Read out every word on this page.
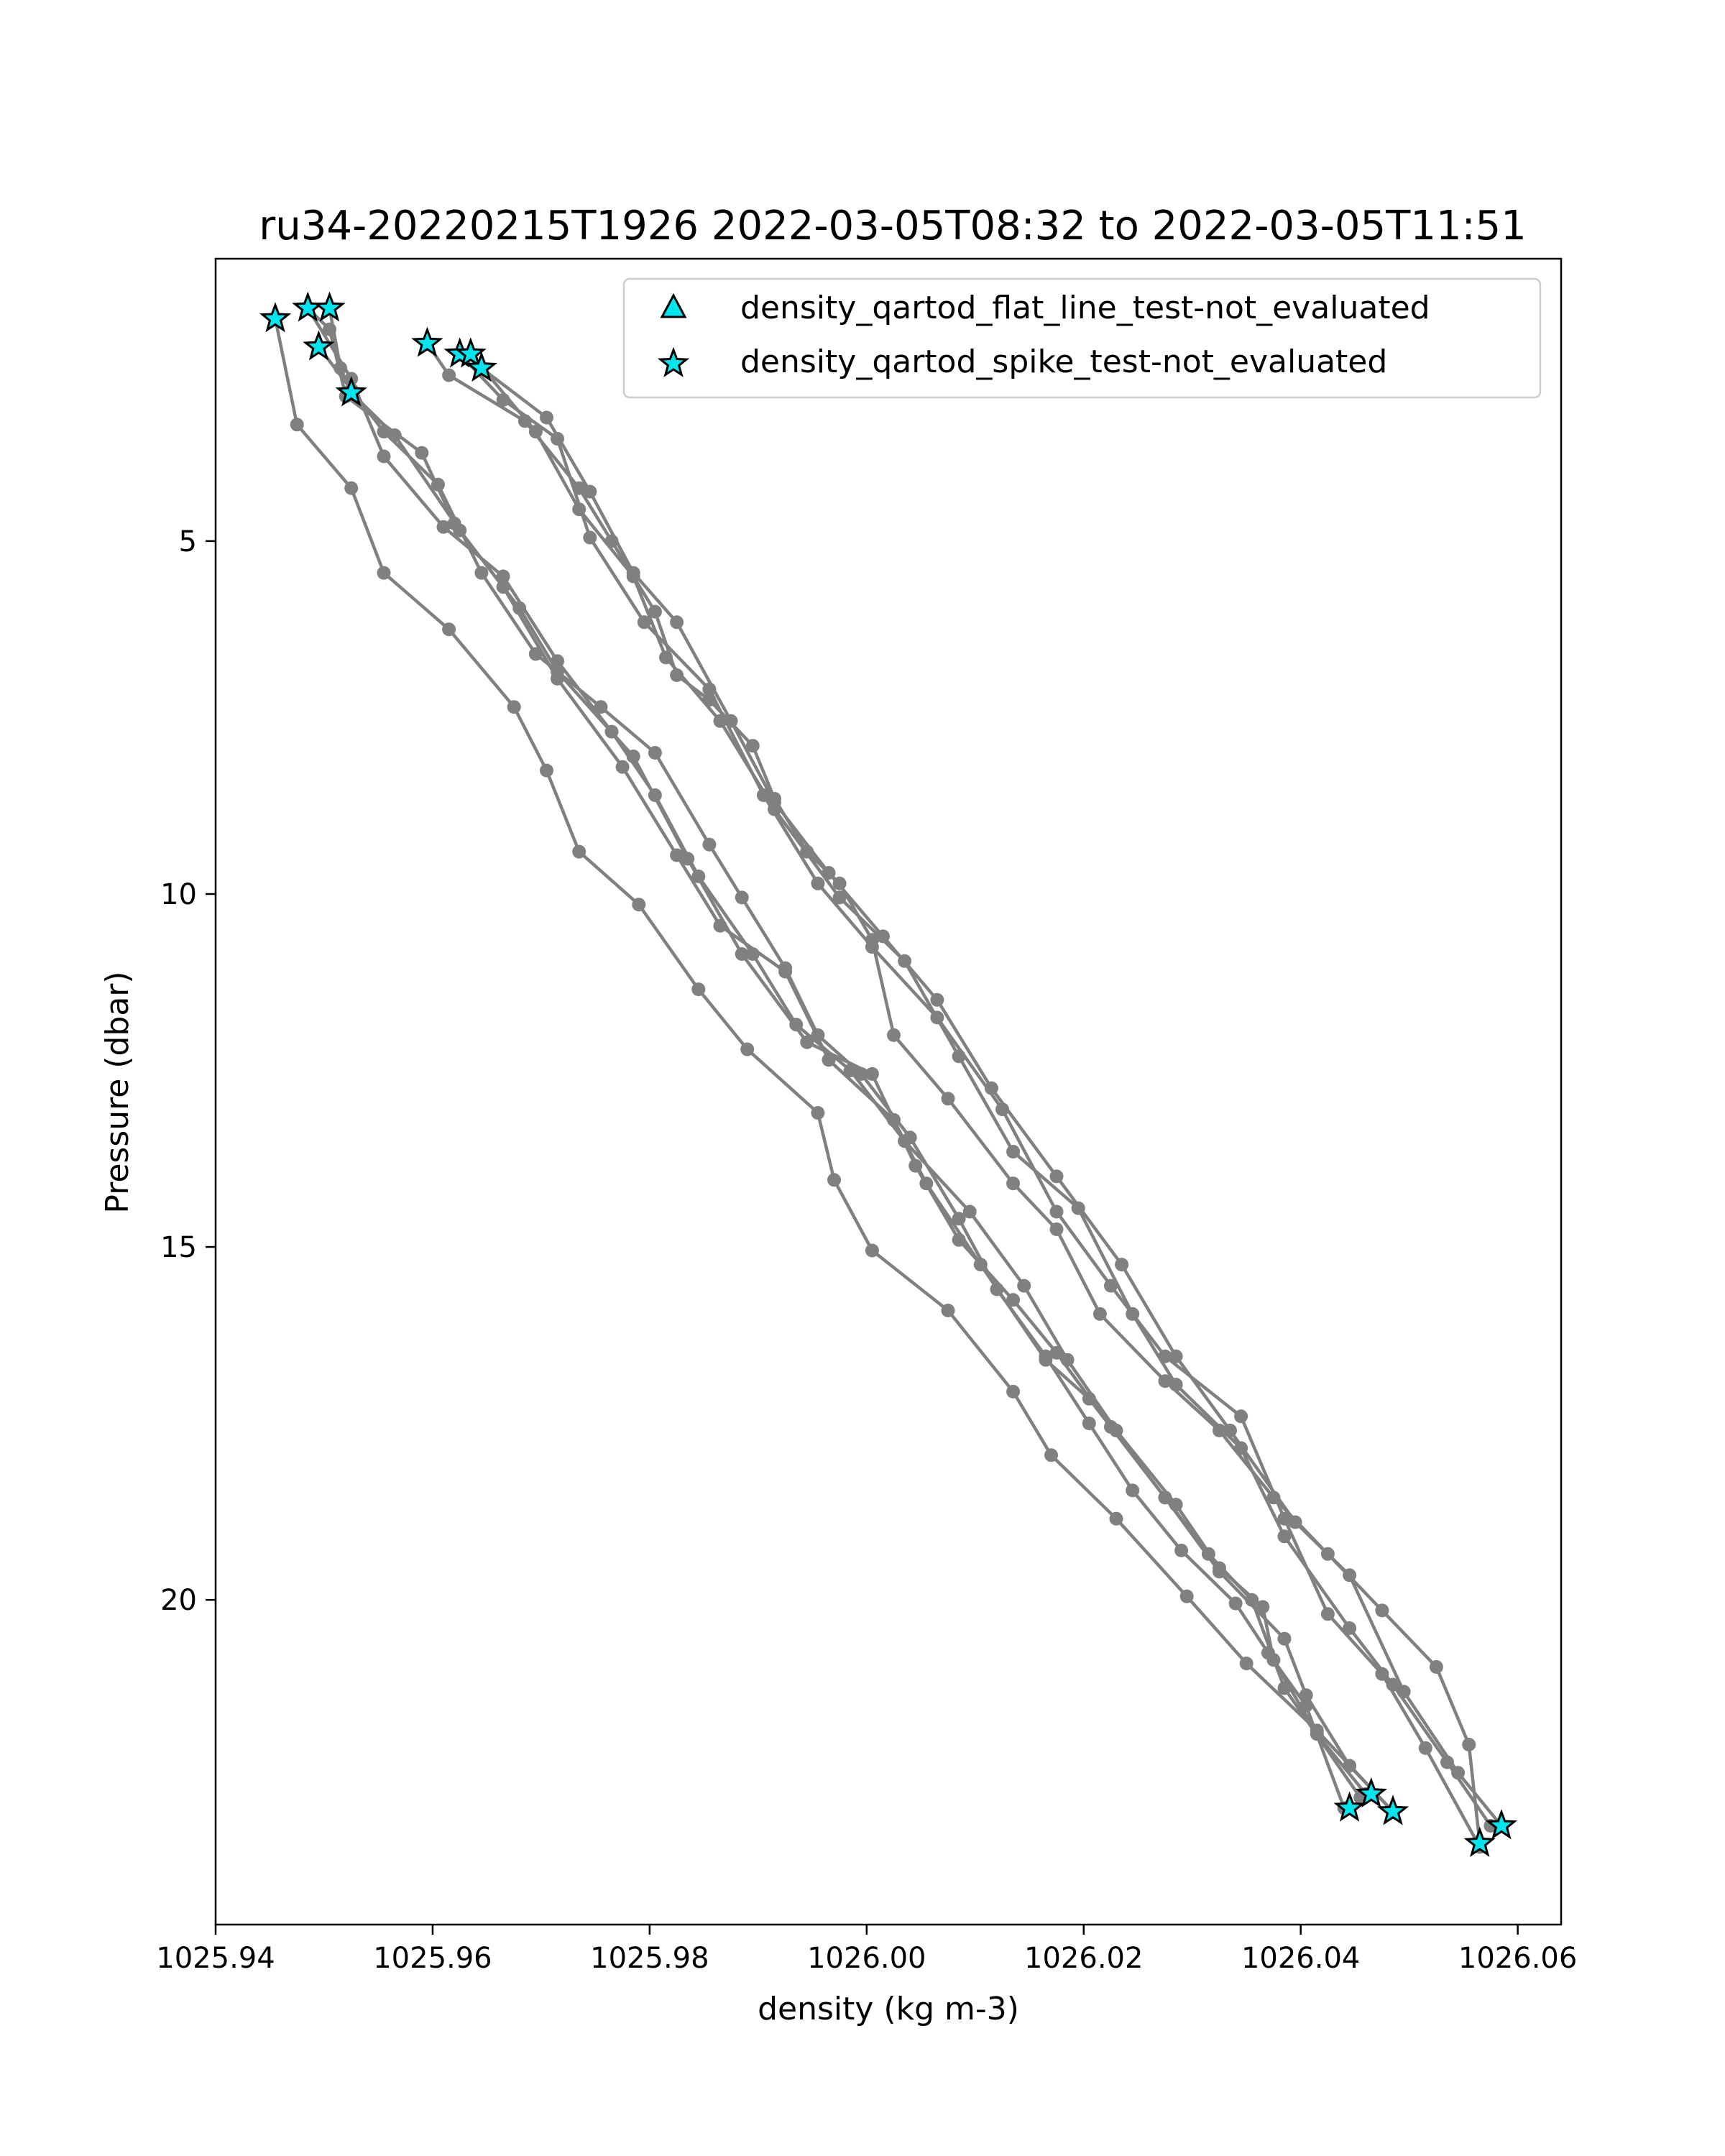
ru34-20220215T1926 2022-03-05T08:32 to 2022-03-05T11:51
1025.94	1025.96	1025.98	1026.00	1026.02	1026.04	1026.06
5
10
15
20
density (kg m-3)
Pressure (dbar)
density_qartod_flat_line_test-not_evaluated
density_qartod_spike_test-not_evaluated
